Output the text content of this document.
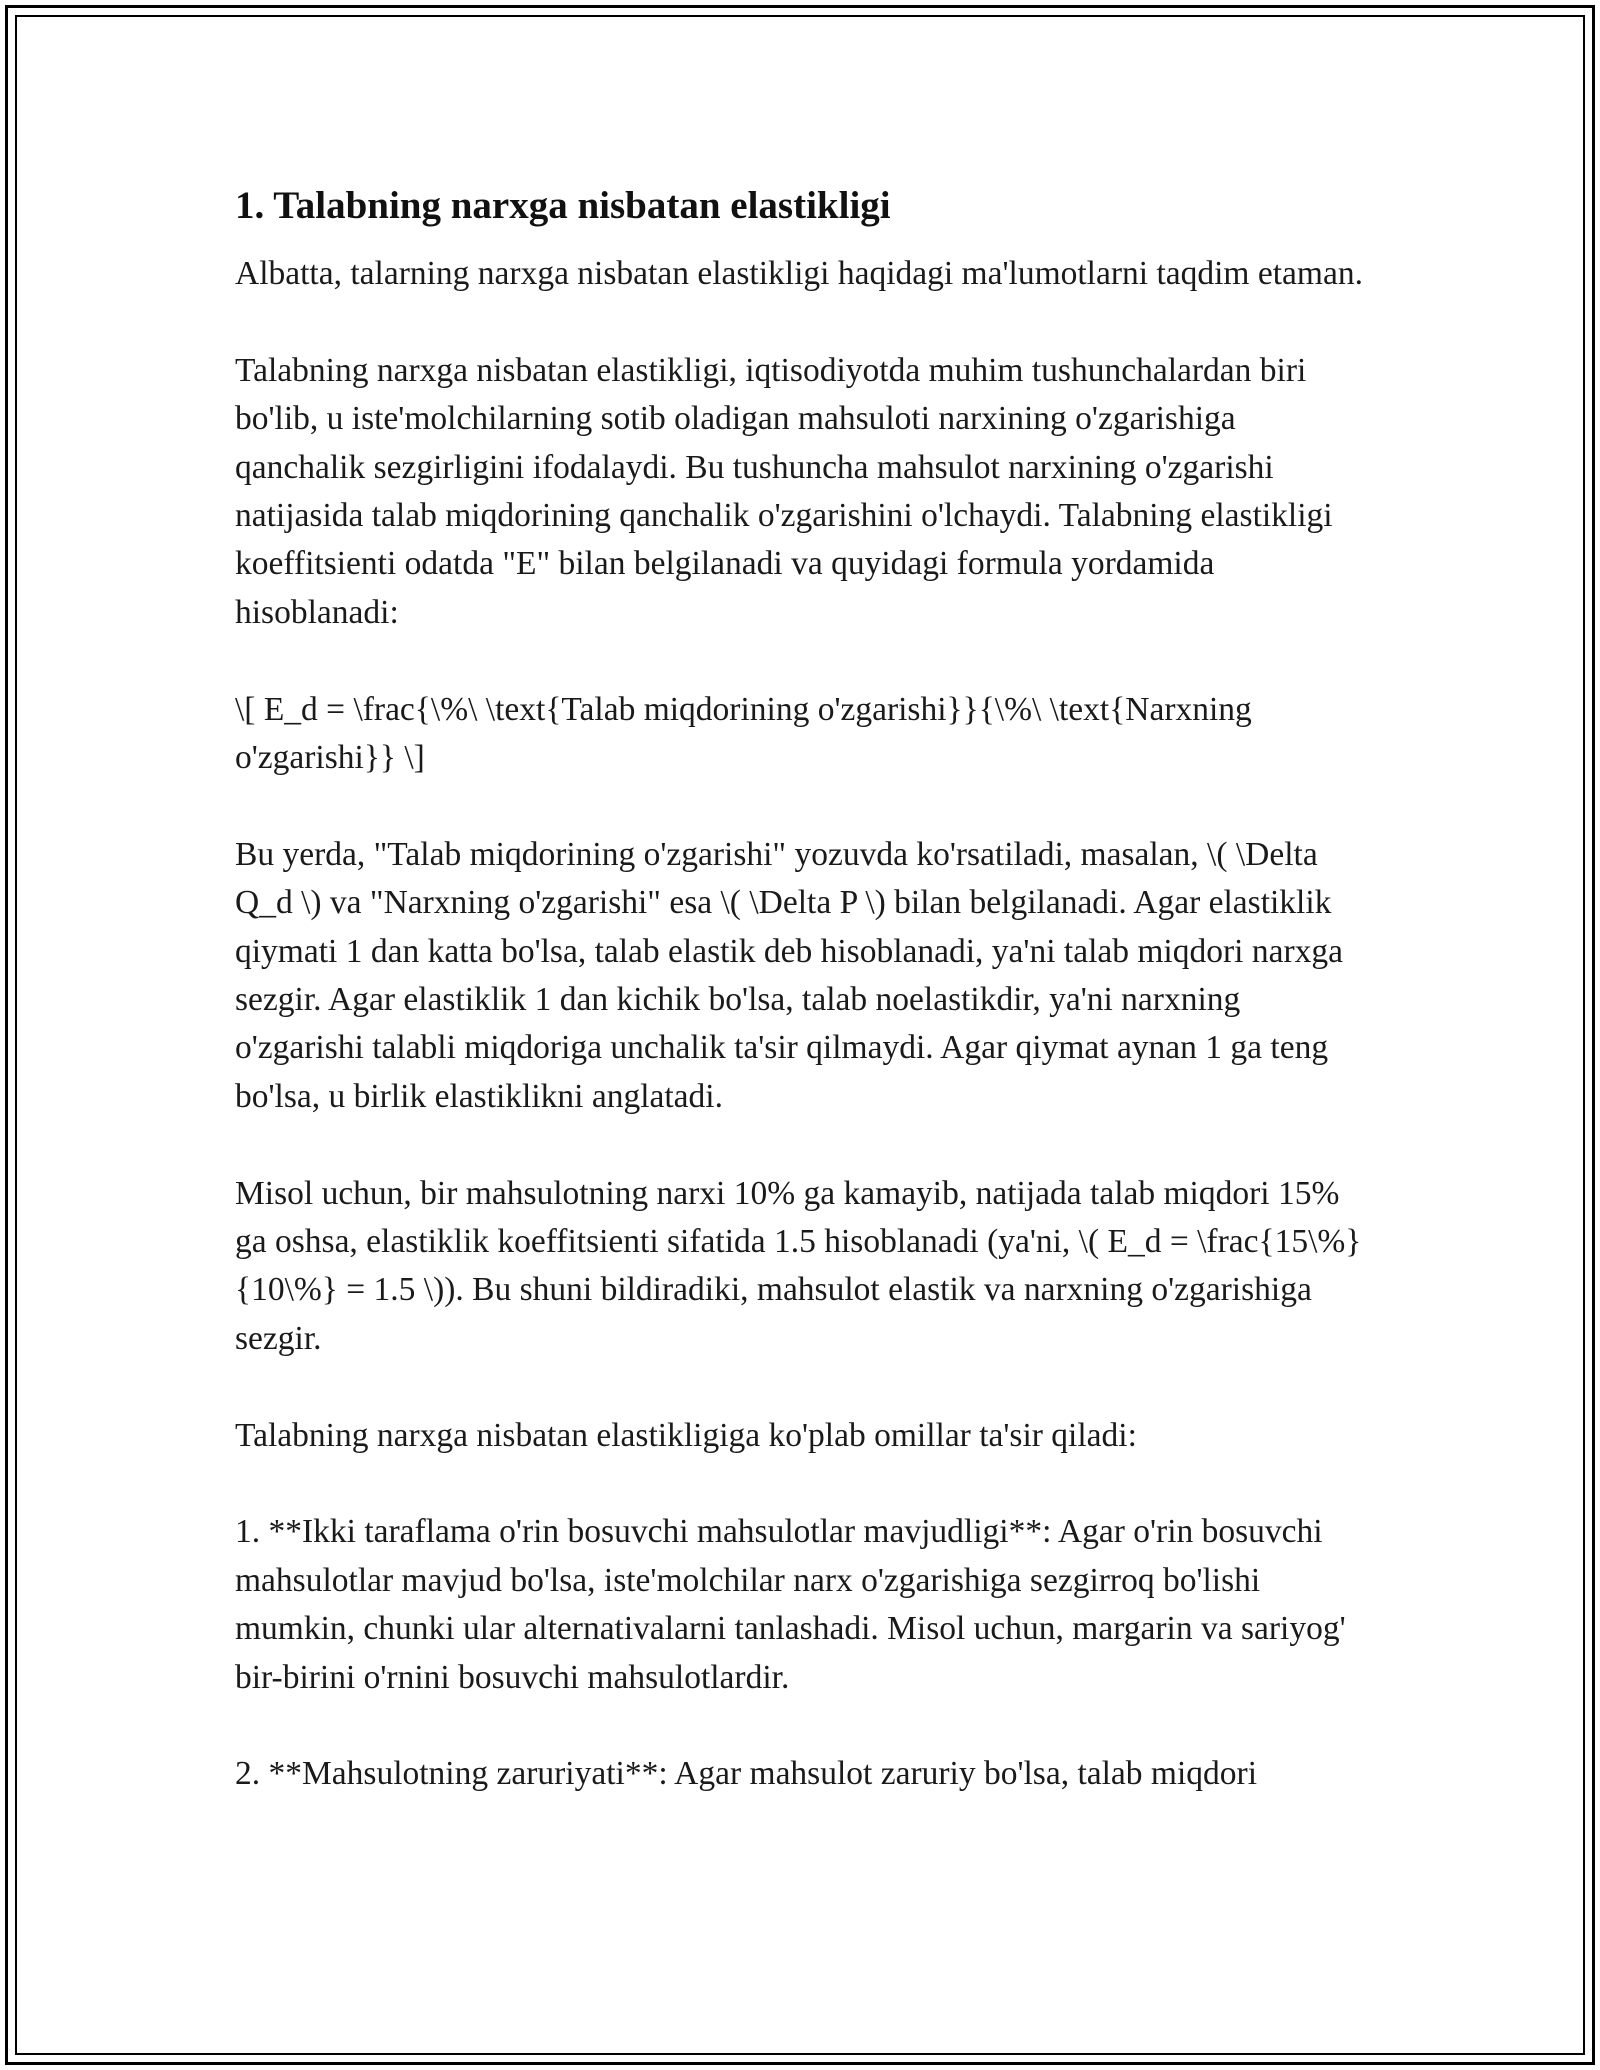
1. Talabning narxga nisbatan elastikligi

Albatta, talarning narxga nisbatan elastikligi haqidagi ma'lumotlarni taqdim etaman.

Talabning narxga nisbatan elastikligi, iqtisodiyotda muhim tushunchalardan biri bo'lib, u iste'molchilarning sotib oladigan mahsuloti narxining o'zgarishiga qanchalik sezgirligini ifodalaydi. Bu tushuncha mahsulot narxining o'zgarishi natijasida talab miqdorining qanchalik o'zgarishini o'lchaydi. Talabning elastikligi koeffitsienti odatda "E" bilan belgilanadi va quyidagi formula yordamida hisoblanadi:

\[ E_d = \frac{\%\ \text{Talab miqdorining o'zgarishi}}{\%\ \text{Narxning o'zgarishi}} \]

Bu yerda, "Talab miqdorining o'zgarishi" yozuvda ko'rsatiladi, masalan, \( \Delta Q_d \) va "Narxning o'zgarishi" esa \( \Delta P \) bilan belgilanadi. Agar elastiklik qiymati 1 dan katta bo'lsa, talab elastik deb hisoblanadi, ya'ni talab miqdori narxga sezgir. Agar elastiklik 1 dan kichik bo'lsa, talab noelastikdir, ya'ni narxning o'zgarishi talabli miqdoriga unchalik ta'sir qilmaydi. Agar qiymat aynan 1 ga teng bo'lsa, u birlik elastiklikni anglatadi.

Misol uchun, bir mahsulotning narxi 10% ga kamayib, natijada talab miqdori 15% ga oshsa, elastiklik koeffitsienti sifatida 1.5 hisoblanadi (ya'ni, \( E_d = \frac{15\%}{10\%} = 1.5 \)). Bu shuni bildiradiki, mahsulot elastik va narxning o'zgarishiga sezgir.

Talabning narxga nisbatan elastikligiga ko'plab omillar ta'sir qiladi:

1. **Ikki taraflama o'rin bosuvchi mahsulotlar mavjudligi**: Agar o'rin bosuvchi mahsulotlar mavjud bo'lsa, iste'molchilar narx o'zgarishiga sezgirroq bo'lishi mumkin, chunki ular alternativalarni tanlashadi. Misol uchun, margarin va sariyog' bir-birini o'rnini bosuvchi mahsulotlardir.

2. **Mahsulotning zaruriyati**: Agar mahsulot zaruriy bo'lsa, talab miqdori
